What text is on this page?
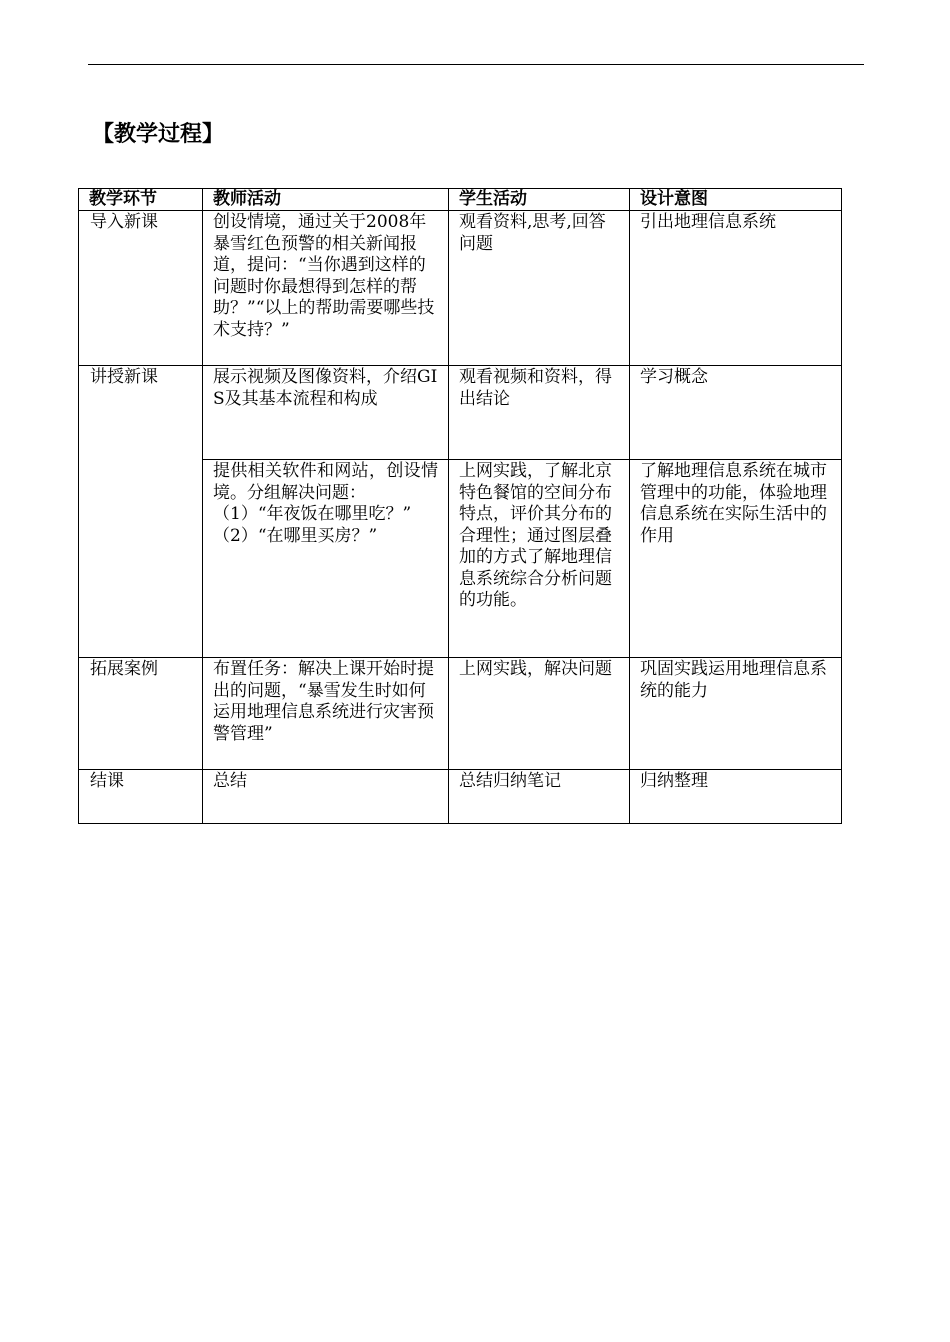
【教学过程】
教学环节	教师活动	学生活动	设计意图
导入新课	创设情境，通过关于2008年暴雪红色预警的相关新闻报道，提问：“当你遇到这样的问题时你最想得到怎样的帮助？”“以上的帮助需要哪些技术支持？”	观看资料,思考,回答问题	引出地理信息系统
讲授新课	展示视频及图像资料，介绍GIS及其基本流程和构成	观看视频和资料，得出结论	学习概念

	提供相关软件和网站，创设情境。分组解决问题：
（1）“年夜饭在哪里吃？”
（2）“在哪里买房？”	上网实践，了解北京特色餐馆的空间分布特点，评价其分布的合理性；通过图层叠加的方式了解地理信息系统综合分析问题的功能。	了解地理信息系统在城市管理中的功能，体验地理信息系统在实际生活中的作用
拓展案例	布置任务：解决上课开始时提出的问题，“暴雪发生时如何运用地理信息系统进行灾害预警管理”	上网实践，解决问题	巩固实践运用地理信息系统的能力
结课	总结	总结归纳笔记	归纳整理
